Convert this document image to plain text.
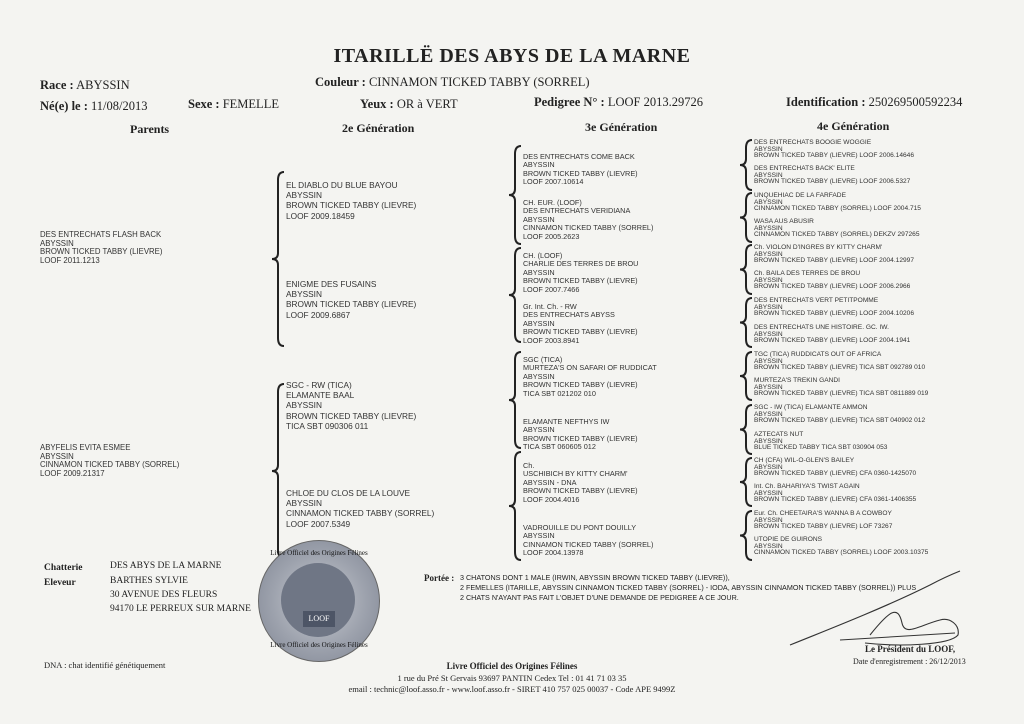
ITARILLË DES ABYS DE LA MARNE
Race : ABYSSIN	Couleur : CINNAMON TICKED TABBY (SORREL)
Né(e) le : 11/08/2013	Sexe : FEMELLE	Yeux : OR à VERT	Pedigree N° : LOOF 2013.29726	Identification : 250269500592234
Parents	2e Génération	3e Génération	4e Génération
DES ENTRECHATS FLASH BACK
ABYSSIN
BROWN TICKED TABBY (LIEVRE)
LOOF 2011.1213
ABYFELIS EVITA ESMEE
ABYSSIN
CINNAMON TICKED TABBY (SORREL)
LOOF 2009.21317
EL DIABLO DU BLUE BAYOU
ABYSSIN
BROWN TICKED TABBY (LIEVRE)
LOOF 2009.18459
ENIGME DES FUSAINS
ABYSSIN
BROWN TICKED TABBY (LIEVRE)
LOOF 2009.6867
SGC - RW (TICA)
ELAMANTE BAAL
ABYSSIN
BROWN TICKED TABBY (LIEVRE)
TICA SBT 090306 011
CHLOE DU CLOS DE LA LOUVE
ABYSSIN
CINNAMON TICKED TABBY (SORREL)
LOOF 2007.5349
DES ENTRECHATS COME BACK
ABYSSIN
BROWN TICKED TABBY (LIEVRE)
LOOF 2007.10614
CH. EUR. (LOOF)
DES ENTRECHATS VERIDIANA
ABYSSIN
CINNAMON TICKED TABBY (SORREL)
LOOF 2005.2623
CH. (LOOF)
CHARLIE DES TERRES DE BROU
ABYSSIN
BROWN TICKED TABBY (LIEVRE)
LOOF 2007.7466
Gr. Int. Ch. - RW
DES ENTRECHATS ABYSS
ABYSSIN
BROWN TICKED TABBY (LIEVRE)
LOOF 2003.8941
SGC (TICA)
MURTEZA'S ON SAFARI OF RUDDICAT
ABYSSIN
BROWN TICKED TABBY (LIEVRE)
TICA SBT 021202 010
ELAMANTE NEFTHYS IW
ABYSSIN
BROWN TICKED TABBY (LIEVRE)
TICA SBT 060605 012
Ch.
USCHIBICH BY KITTY CHARM'
ABYSSIN - DNA
BROWN TICKED TABBY (LIEVRE)
LOOF 2004.4016
VADROUILLE DU PONT DOUILLY
ABYSSIN
CINNAMON TICKED TABBY (SORREL)
LOOF 2004.13978
DES ENTRECHATS BOOGIE WOGGIE
ABYSSIN
BROWN TICKED TABBY (LIEVRE) LOOF 2006.14646
DES ENTRECHATS BACK' ELITE
ABYSSIN
BROWN TICKED TABBY (LIEVRE) LOOF 2006.5327
UNQUEHIAC DE LA FARFADE
ABYSSIN
CINNAMON TICKED TABBY (SORREL) LOOF 2004.715
WASA AUS ABUSIR
ABYSSIN
CINNAMON TICKED TABBY (SORREL) DEKZV 297265
Ch. VIOLON D'INGRES BY KITTY CHARM'
ABYSSIN
BROWN TICKED TABBY (LIEVRE) LOOF 2004.12997
Ch. BAILA DES TERRES DE BROU
ABYSSIN
BROWN TICKED TABBY (LIEVRE) LOOF 2006.2966
DES ENTRECHATS VERT PETITPOMME
ABYSSIN
BROWN TICKED TABBY (LIEVRE) LOOF 2004.10206
DES ENTRECHATS UNE HISTOIRE. GC. IW.
ABYSSIN
BROWN TICKED TABBY (LIEVRE) LOOF 2004.1941
TGC (TICA) RUDDICATS OUT OF AFRICA
ABYSSIN
BROWN TICKED TABBY (LIEVRE) TICA SBT 092789 010
MURTEZA'S TREKIN GANDI
ABYSSIN
BROWN TICKED TABBY (LIEVRE) TICA SBT 0811889 019
SGC - IW (TICA) ELAMANTE AMMON
ABYSSIN
BROWN TICKED TABBY (LIEVRE) TICA SBT 040902 012
AZTECATS NUT
ABYSSIN
BLUE TICKED TABBY TICA SBT 030904 053
CH (CFA) WIL-O-GLEN'S BAILEY
ABYSSIN
BROWN TICKED TABBY (LIEVRE) CFA 0360-1425070
Int. Ch. BAHARIYA'S TWIST AGAIN
ABYSSIN
BROWN TICKED TABBY (LIEVRE) CFA 0361-1406355
Eur. Ch. CHEETAIRA'S WANNA B A COWBOY
ABYSSIN
BROWN TICKED TABBY (LIEVRE) LOF 73267
UTOPIE DE GUIRONS
ABYSSIN
CINNAMON TICKED TABBY (SORREL) LOOF 2003.10375
Chatterie	DES ABYS DE LA MARNE
Eleveur	BARTHES SYLVIE
30 AVENUE DES FLEURS
94170 LE PERREUX SUR MARNE
Livre Officiel des Origines Félines
LOOF
Livre Officiel des Origines Félines
Portée : 3 CHATONS DONT 1 MALE (IRWIN, ABYSSIN BROWN TICKED TABBY (LIEVRE)),
2 FEMELLES (ITARILLE, ABYSSIN CINNAMON TICKED TABBY (SORREL) - IODA, ABYSSIN CINNAMON TICKED TABBY (SORREL)) PLUS
2 CHATS N'AYANT PAS FAIT L'OBJET D'UNE DEMANDE DE PEDIGREE A CE JOUR.
Le Président du LOOF,
Date d'enregistrement : 26/12/2013
DNA : chat identifié génétiquement	Livre Officiel des Origines Félines
1 rue du Pré St Gervais 93697 PANTIN Cedex Tel : 01 41 71 03 35
email : technic@loof.asso.fr - www.loof.asso.fr - SIRET 410 757 025 00037 - Code APE 9499Z
